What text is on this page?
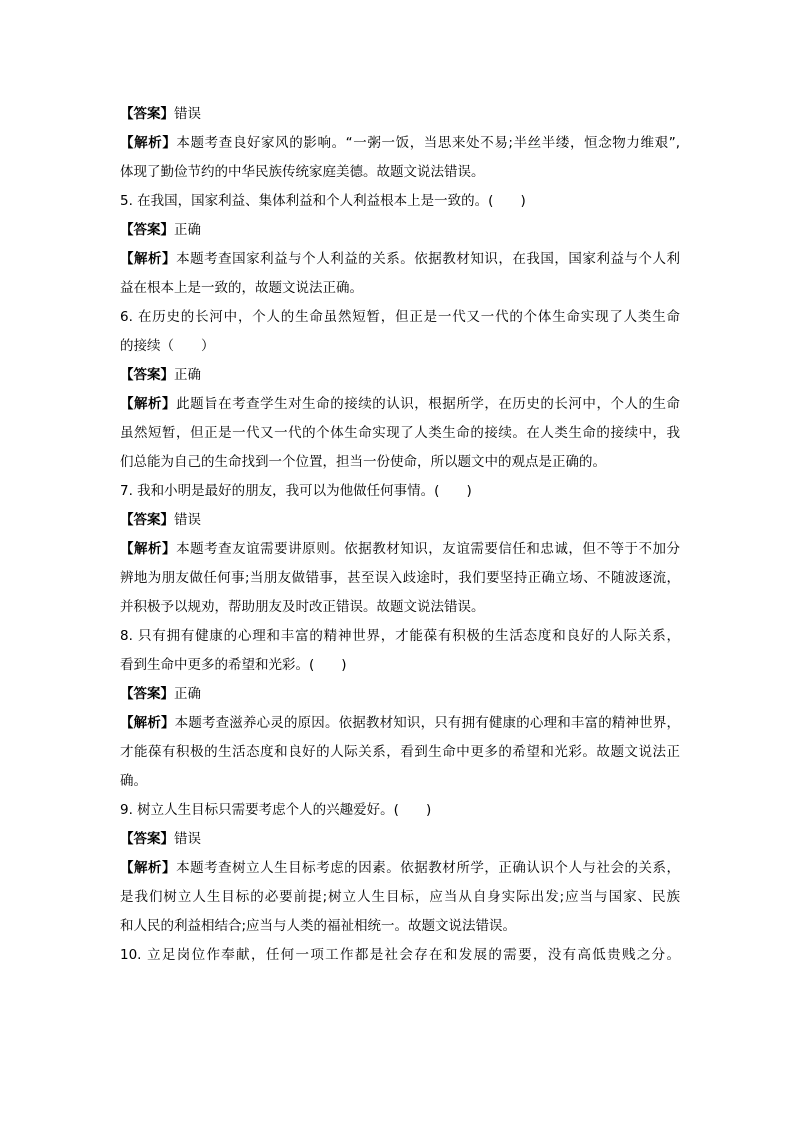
【答案】错误
【解析】本题考查良好家风的影响。“一粥一饭，当思来处不易;半丝半缕，恒念物力维艰”,
体现了勤俭节约的中华民族传统家庭美德。故题文说法错误。
5. 在我国，国家利益、集体利益和个人利益根本上是一致的。(　　)
【答案】正确
【解析】本题考查国家利益与个人利益的关系。依据教材知识，在我国，国家利益与个人利
益在根本上是一致的，故题文说法正确。
6. 在历史的长河中，个人的生命虽然短暂，但正是一代又一代的个体生命实现了人类生命
的接续（　　）
【答案】正确
【解析】此题旨在考查学生对生命的接续的认识，根据所学，在历史的长河中，个人的生命
虽然短暂，但正是一代又一代的个体生命实现了人类生命的接续。在人类生命的接续中，我
们总能为自己的生命找到一个位置，担当一份使命，所以题文中的观点是正确的。
7. 我和小明是最好的朋友，我可以为他做任何事情。(　　)
【答案】错误
【解析】本题考查友谊需要讲原则。依据教材知识，友谊需要信任和忠诚，但不等于不加分
辨地为朋友做任何事;当朋友做错事，甚至误入歧途时，我们要坚持正确立场、不随波逐流，
并积极予以规劝，帮助朋友及时改正错误。故题文说法错误。
8. 只有拥有健康的心理和丰富的精神世界，才能葆有积极的生活态度和良好的人际关系，
看到生命中更多的希望和光彩。(　　)
【答案】正确
【解析】本题考查滋养心灵的原因。依据教材知识，只有拥有健康的心理和丰富的精神世界，
才能葆有积极的生活态度和良好的人际关系，看到生命中更多的希望和光彩。故题文说法正
确。
9. 树立人生目标只需要考虑个人的兴趣爱好。(　　)
【答案】错误
【解析】本题考查树立人生目标考虑的因素。依据教材所学，正确认识个人与社会的关系，
是我们树立人生目标的必要前提;树立人生目标，应当从自身实际出发;应当与国家、民族
和人民的利益相结合;应当与人类的福祉相统一。故题文说法错误。
10. 立足岗位作奉献，任何一项工作都是社会存在和发展的需要，没有高低贵贱之分。
